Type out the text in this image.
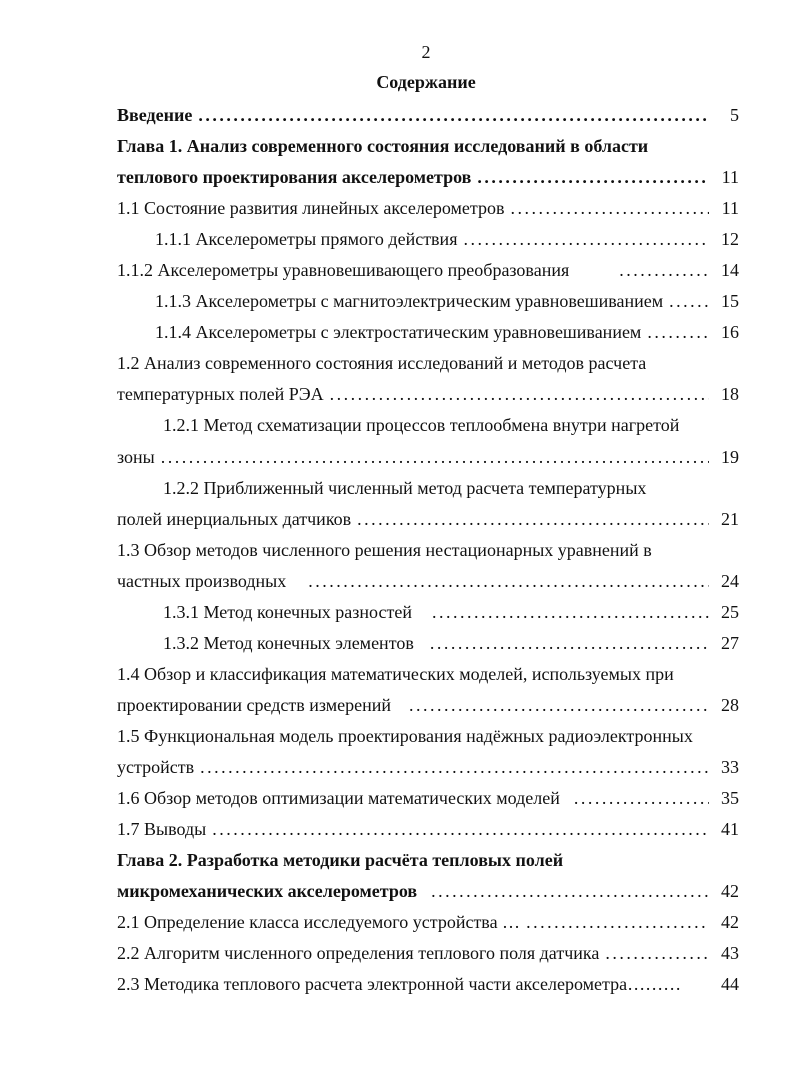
2
Содержание
Введение . . .	5
Глава 1. Анализ современного состояния исследований в области
теплового проектирования акселерометров . . .	11
1.1 Состояние развития линейных акселерометров . . .	11
1.1.1 Акселерометры прямого действия . . .	12
1.1.2 Акселерометры уравновешивающего преобразования . . .	14
1.1.3 Акселерометры с магнитоэлектрическим уравновешиванием . . .	15
1.1.4 Акселерометры с электростатическим уравновешиванием . . .	16
1.2 Анализ современного состояния исследований и методов расчета
температурных полей РЭА . . .	18
1.2.1 Метод схематизации процессов теплообмена внутри нагретой
зоны . . .	19
1.2.2 Приближенный численный метод расчета температурных
полей инерциальных датчиков . . .	21
1.3 Обзор методов численного решения нестационарных уравнений в
частных производных . . .	24
1.3.1 Метод конечных разностей . . .	25
1.3.2 Метод конечных элементов . . .	27
1.4 Обзор и классификация математических моделей, используемых при
проектировании средств измерений . . .	28
1.5 Функциональная модель проектирования надёжных радиоэлектронных
устройств . . .	33
1.6 Обзор методов оптимизации математических моделей . . .	35
1.7 Выводы . . .	41
Глава 2. Разработка методики расчёта тепловых полей
микромеханических акселерометров . . .	42
2.1 Определение класса исследуемого устройства … . . .	42
2.2 Алгоритм численного определения теплового поля датчика . . .	43
2.3 Методика теплового расчета электронной части акселерометра………	44
